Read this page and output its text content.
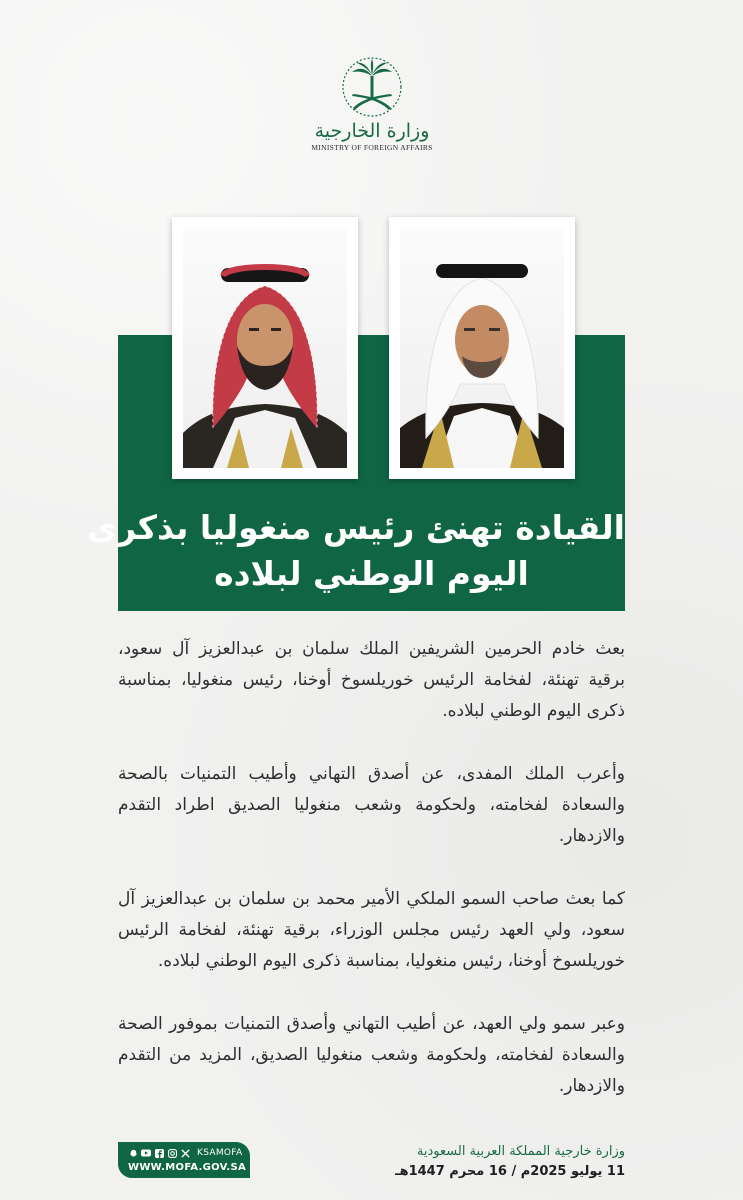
وزارة الخارجية
MINISTRY OF FOREIGN AFFAIRS
القيادة تهنئ رئيس منغوليا بذكرى
اليوم الوطني لبلاده

بعث خادم الحرمين الشريفين الملك سلمان بن عبدالعزيز آل سعود، برقية تهنئة، لفخامة الرئيس خوريلسوخ أوخنا، رئيس منغوليا، بمناسبة ذكرى اليوم الوطني لبلاده.

وأعرب الملك المفدى، عن أصدق التهاني وأطيب التمنيات بالصحة والسعادة لفخامته، ولحكومة وشعب منغوليا الصديق اطراد التقدم والازدهار.

كما بعث صاحب السمو الملكي الأمير محمد بن سلمان بن عبدالعزيز آل سعود، ولي العهد رئيس مجلس الوزراء، برقية تهنئة، لفخامة الرئيس خوريلسوخ أوخنا، رئيس منغوليا، بمناسبة ذكرى اليوم الوطني لبلاده.

وعبر سمو ولي العهد، عن أطيب التهاني وأصدق التمنيات بموفور الصحة والسعادة لفخامته، ولحكومة وشعب منغوليا الصديق، المزيد من التقدم والازدهار.

KSAMOFA
WWW.MOFA.GOV.SA
وزارة خارجية المملكة العربية السعودية
11 يوليو 2025م / 16 محرم 1447هـ
